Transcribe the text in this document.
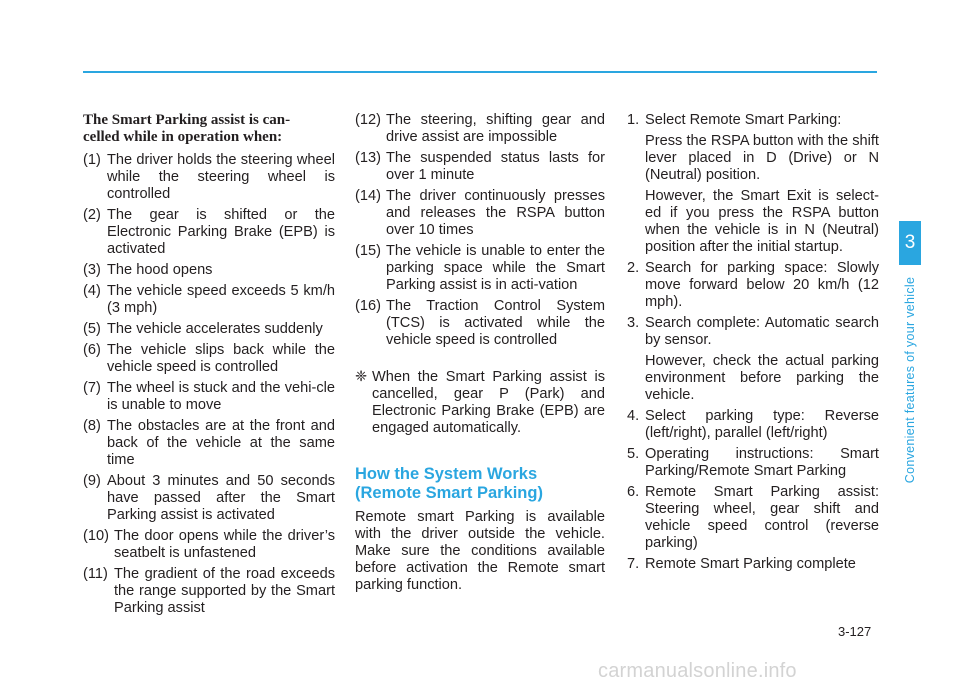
The Smart Parking assist is can-
celled while in operation when:
(1) The driver holds the steering wheel while the steering wheel is controlled
(2) The gear is shifted or the Electronic Parking Brake (EPB) is activated
(3) The hood opens
(4) The vehicle speed exceeds 5 km/h (3 mph)
(5) The vehicle accelerates suddenly
(6) The vehicle slips back while the vehicle speed is controlled
(7) The wheel is stuck and the vehi-cle is unable to move
(8) The obstacles are at the front and back of the vehicle at the same time
(9) About 3 minutes and 50 seconds have passed after the Smart Parking assist is activated
(10) The door opens while the driver’s seatbelt is unfastened
(11) The gradient of the road exceeds the range supported by the Smart Parking assist
(12) The steering, shifting gear and drive assist are impossible
(13) The suspended status lasts for over 1 minute
(14) The driver continuously presses and releases the RSPA button over 10 times
(15) The vehicle is unable to enter the parking space while the Smart Parking assist is in acti-vation
(16) The Traction Control System (TCS) is activated while the vehicle speed is controlled
❈ When the Smart Parking assist is cancelled, gear P (Park) and Electronic Parking Brake (EPB) are engaged automatically.
How the System Works
(Remote Smart Parking)
Remote smart Parking is available with the driver outside the vehicle. Make sure the conditions available before activation the Remote smart parking function.
1. Select Remote Smart Parking:
Press the RSPA button with the shift lever placed in D (Drive) or N (Neutral) position.
However, the Smart Exit is select-ed if you press the RSPA button when the vehicle is in N (Neutral) position after the initial startup.
2. Search for parking space: Slowly move forward below 20 km/h (12 mph).
3. Search complete: Automatic search by sensor.
However, check the actual parking environment before parking the vehicle.
4. Select parking type: Reverse (left/right), parallel (left/right)
5. Operating instructions: Smart Parking/Remote Smart Parking
6. Remote Smart Parking assist: Steering wheel, gear shift and vehicle speed control (reverse parking)
7. Remote Smart Parking complete
3
Convenient features of your vehicle
3-127
carmanualsonline.info
